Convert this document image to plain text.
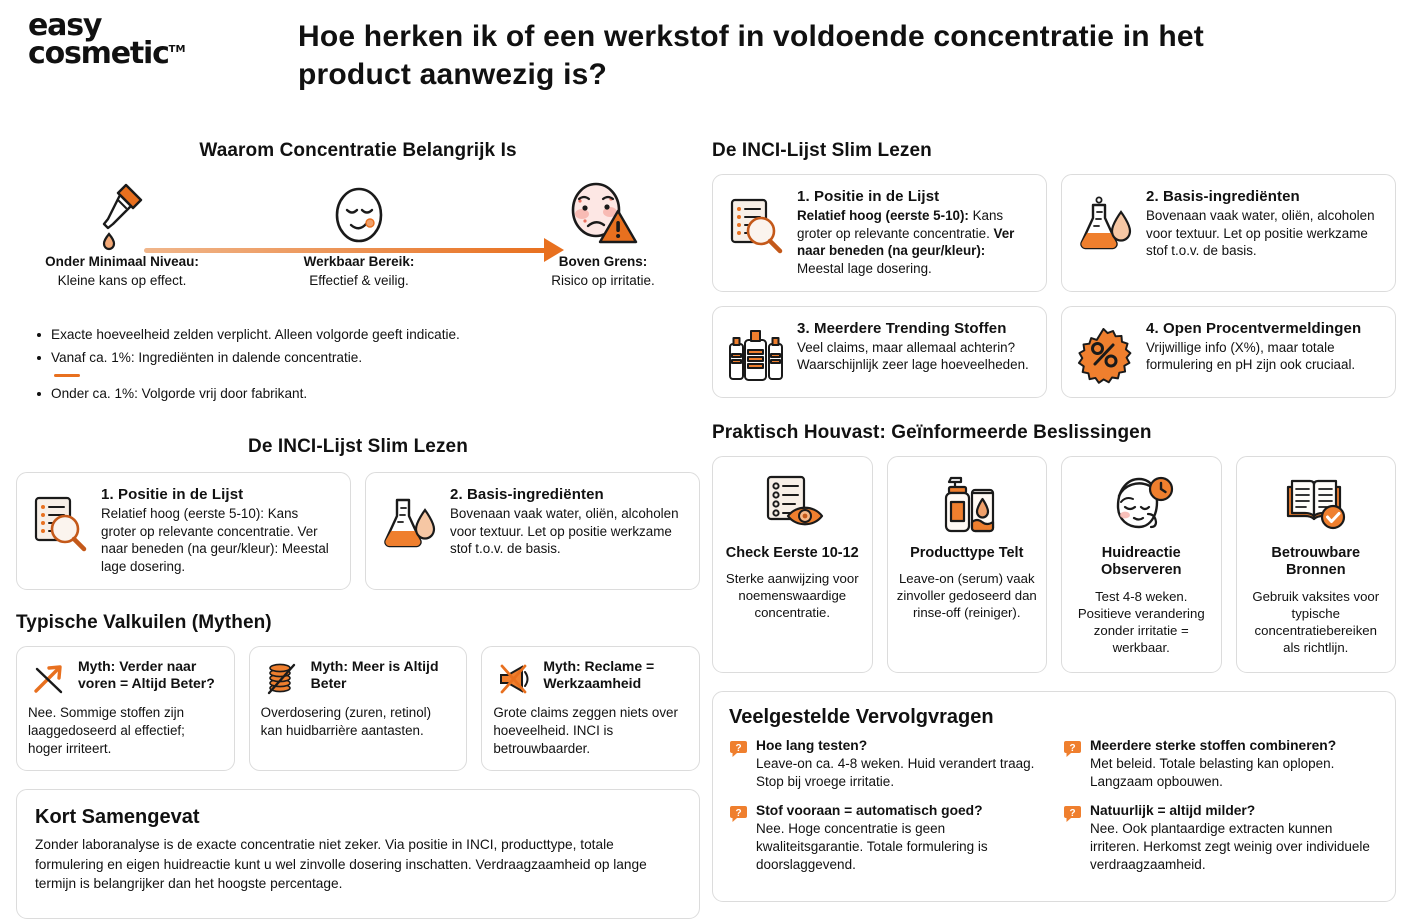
easy
cosmetic™	Hoe herken ik of een werkstof in voldoende concentratie in het product aanwezig is?
Waarom Concentratie Belangrijk Is
Onder Minimaal Niveau:
Kleine kans op effect.
Werkbaar Bereik:
Effectief & veilig.
Boven Grens:
Risico op irritatie.
Exacte hoeveelheid zelden verplicht. Alleen volgorde geeft indicatie.
Vanaf ca. 1%: Ingrediënten in dalende concentratie.
Onder ca. 1%: Volgorde vrij door fabrikant.
De INCI-Lijst Slim Lezen
1. Positie in de Lijst

Relatief hoog (eerste 5-10): Kans groter op relevante concentratie. Ver naar beneden (na geur/kleur): Meestal lage dosering.

2. Basis-ingrediënten

Bovenaan vaak water, oliën, alcoholen voor textuur. Let op positie werkzame stof t.o.v. de basis.

Typische Valkuilen (Mythen)
Myth: Verder naar voren = Altijd Beter?

Nee. Sommige stoffen zijn laaggedoseerd al effectief; hoger irriteert.

Myth: Meer is Altijd Beter

Overdosering (zuren, retinol) kan huidbarrière aantasten.

Myth: Reclame = Werkzaamheid

Grote claims zeggen niets over hoeveelheid. INCI is betrouwbaarder.

Kort Samengevat

Zonder laboranalyse is de exacte concentratie niet zeker. Via positie in INCI, producttype, totale formulering en eigen huidreactie kunt u wel zinvolle dosering inschatten. Verdraagzaamheid op lange termijn is belangrijker dan het hoogste percentage.

De INCI-Lijst Slim Lezen
1. Positie in de Lijst

Relatief hoog (eerste 5-10): Kans groter op relevante concentratie. Ver naar beneden (na geur/kleur): Meestal lage dosering.

2. Basis-ingrediënten

Bovenaan vaak water, oliën, alcoholen voor textuur. Let op positie werkzame stof t.o.v. de basis.

3. Meerdere Trending Stoffen

Veel claims, maar allemaal achterin? Waarschijnlijk zeer lage hoeveelheden.

4. Open Procentvermeldingen

Vrijwillige info (X%), maar totale formulering en pH zijn ook cruciaal.

Praktisch Houvast: Geïnformeerde Beslissingen
Check Eerste 10-12

Sterke aanwijzing voor noemenswaardige concentratie.

Producttype Telt

Leave-on (serum) vaak zinvoller gedoseerd dan rinse-off (reiniger).

Huidreactie Observeren

Test 4-8 weken. Positieve verandering zonder irritatie = werkbaar.

Betrouwbare Bronnen

Gebruik vaksites voor typische concentratiebereiken als richtlijn.

Veelgestelde Vervolgvragen
? Hoe lang testen?
Leave-on ca. 4-8 weken. Huid verandert traag. Stop bij vroege irritatie.
? Stof vooraan = automatisch goed?
Nee. Hoge concentratie is geen kwaliteitsgarantie. Totale formulering is doorslaggevend.
? Meerdere sterke stoffen combineren?
Met beleid. Totale belasting kan oplopen. Langzaam opbouwen.
? Natuurlijk = altijd milder?
Nee. Ook plantaardige extracten kunnen irriteren. Herkomst zegt weinig over individuele verdraagzaamheid.
